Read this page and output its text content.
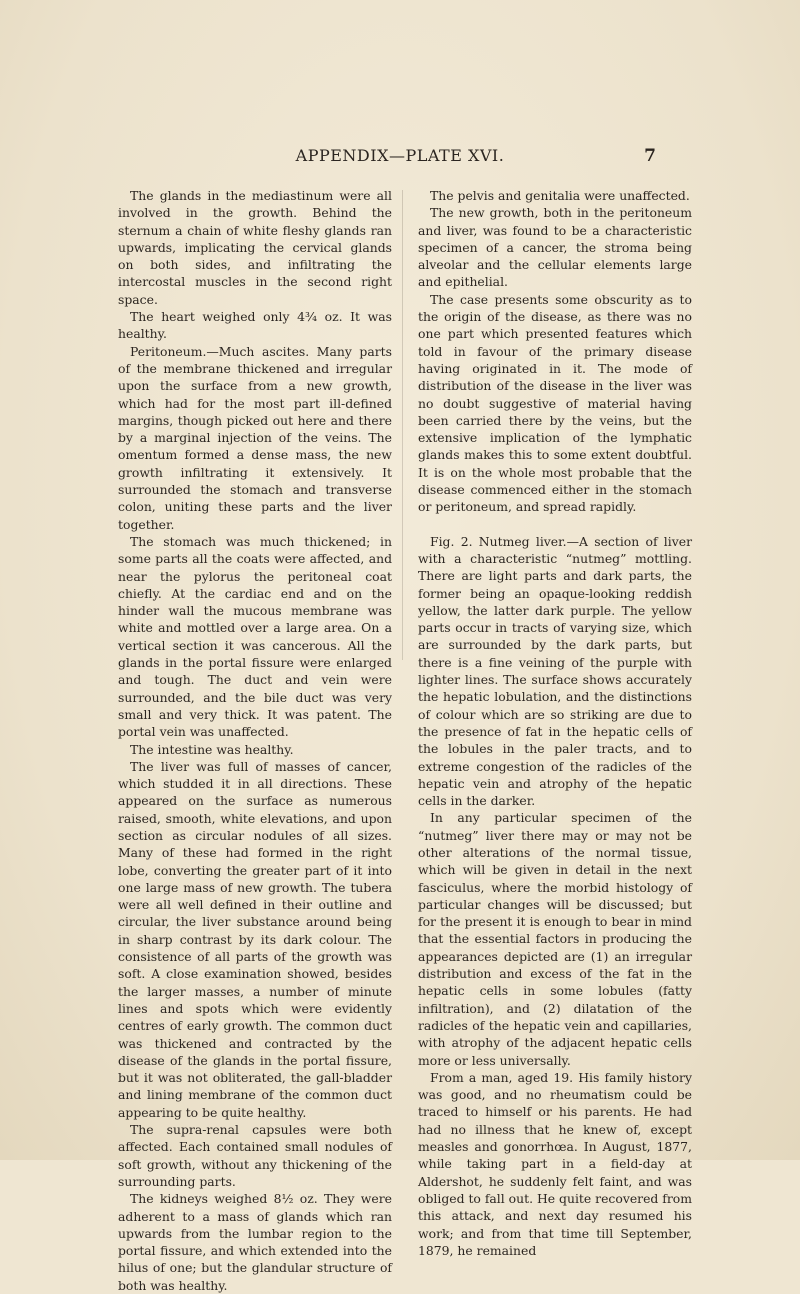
APPENDIX—PLATE XVI.	7

The glands in the mediastinum were all involved in the growth. Behind the sternum a chain of white fleshy glands ran upwards, implicating the cervical glands on both sides, and infiltrating the intercostal muscles in the second right space.

The heart weighed only 4¾ oz. It was healthy.

Peritoneum.—Much ascites. Many parts of the membrane thickened and irregular upon the surface from a new growth, which had for the most part ill-defined margins, though picked out here and there by a marginal injection of the veins. The omentum formed a dense mass, the new growth infiltrating it extensively. It surrounded the stomach and transverse colon, uniting these parts and the liver together.

The stomach was much thickened; in some parts all the coats were affected, and near the pylorus the peritoneal coat chiefly. At the cardiac end and on the hinder wall the mucous membrane was white and mottled over a large area. On a vertical section it was cancerous. All the glands in the portal fissure were enlarged and tough. The duct and vein were surrounded, and the bile duct was very small and very thick. It was patent. The portal vein was unaffected.

The intestine was healthy.

The liver was full of masses of cancer, which studded it in all directions. These appeared on the surface as numerous raised, smooth, white elevations, and upon section as circular nodules of all sizes. Many of these had formed in the right lobe, converting the greater part of it into one large mass of new growth. The tubera were all well defined in their outline and circular, the liver substance around being in sharp contrast by its dark colour. The consistence of all parts of the growth was soft. A close examination showed, besides the larger masses, a number of minute lines and spots which were evidently centres of early growth. The common duct was thickened and contracted by the disease of the glands in the portal fissure, but it was not obliterated, the gall-bladder and lining membrane of the common duct appearing to be quite healthy.

The supra-renal capsules were both affected. Each contained small nodules of soft growth, without any thickening of the surrounding parts.

The kidneys weighed 8½ oz. They were adherent to a mass of glands which ran upwards from the lumbar region to the portal fissure, and which extended into the hilus of one; but the glandular structure of both was healthy.

The pelvis and genitalia were unaffected.

The new growth, both in the peritoneum and liver, was found to be a characteristic specimen of a cancer, the stroma being alveolar and the cellular elements large and epithelial.

The case presents some obscurity as to the origin of the disease, as there was no one part which presented features which told in favour of the primary disease having originated in it. The mode of distribution of the disease in the liver was no doubt suggestive of material having been carried there by the veins, but the extensive implication of the lymphatic glands makes this to some extent doubtful. It is on the whole most probable that the disease commenced either in the stomach or peritoneum, and spread rapidly.

Fig. 2. Nutmeg liver.—A section of liver with a characteristic “nutmeg” mottling. There are light parts and dark parts, the former being an opaque-looking reddish yellow, the latter dark purple. The yellow parts occur in tracts of varying size, which are surrounded by the dark parts, but there is a fine veining of the purple with lighter lines. The surface shows accurately the hepatic lobulation, and the distinctions of colour which are so striking are due to the presence of fat in the hepatic cells of the lobules in the paler tracts, and to extreme congestion of the radicles of the hepatic vein and atrophy of the hepatic cells in the darker.

In any particular specimen of the “nutmeg” liver there may or may not be other alterations of the normal tissue, which will be given in detail in the next fasciculus, where the morbid histology of particular changes will be discussed; but for the present it is enough to bear in mind that the essential factors in producing the appearances depicted are (1) an irregular distribution and excess of the fat in the hepatic cells in some lobules (fatty infiltration), and (2) dilatation of the radicles of the hepatic vein and capillaries, with atrophy of the adjacent hepatic cells more or less universally.

From a man, aged 19. His family history was good, and no rheumatism could be traced to himself or his parents. He had had no illness that he knew of, except measles and gonorrhœa. In August, 1877, while taking part in a field-day at Aldershot, he suddenly felt faint, and was obliged to fall out. He quite recovered from this attack, and next day resumed his work; and from that time till September, 1879, he remained
